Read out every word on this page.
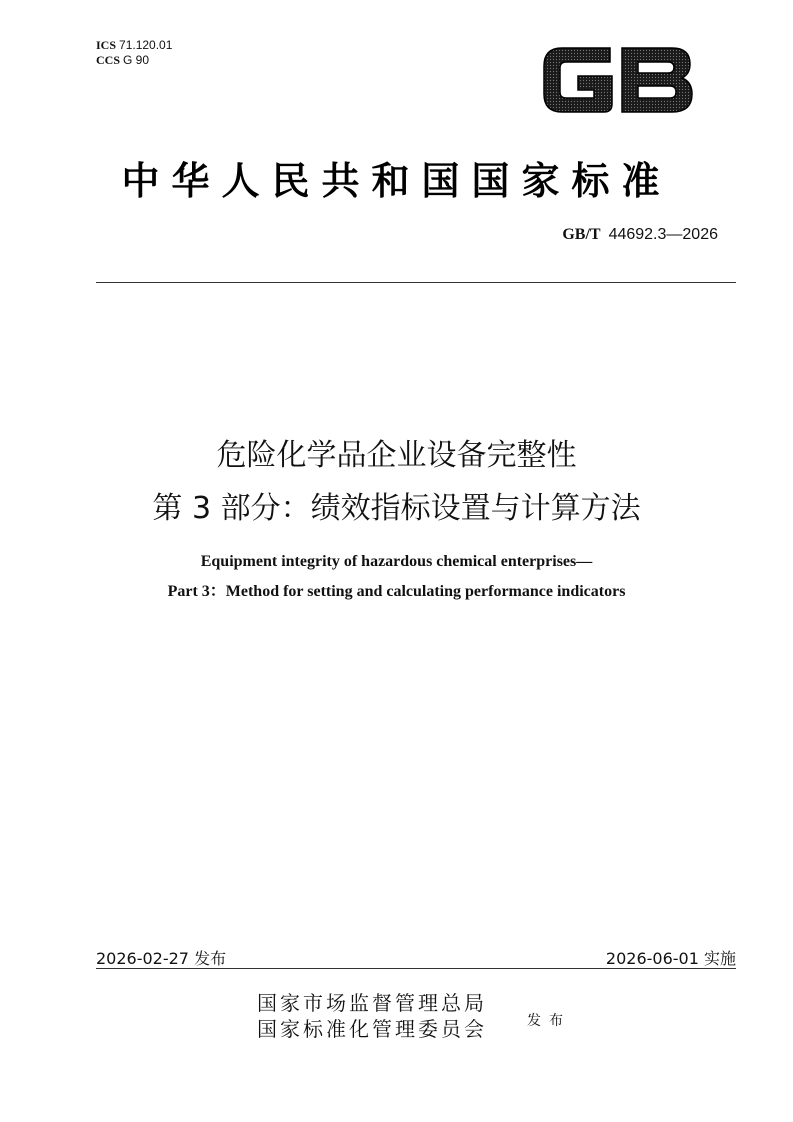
ICS 71.120.01
CCS G 90
中华人民共和国国家标准
GB/T 44692.3—2026
危险化学品企业设备完整性
第 3 部分：绩效指标设置与计算方法
Equipment integrity of hazardous chemical enterprises—
Part 3：Method for setting and calculating performance indicators
2026-02-27 发布	2026-06-01 实施
国家市场监督管理总局
国家标准化管理委员会	发布
